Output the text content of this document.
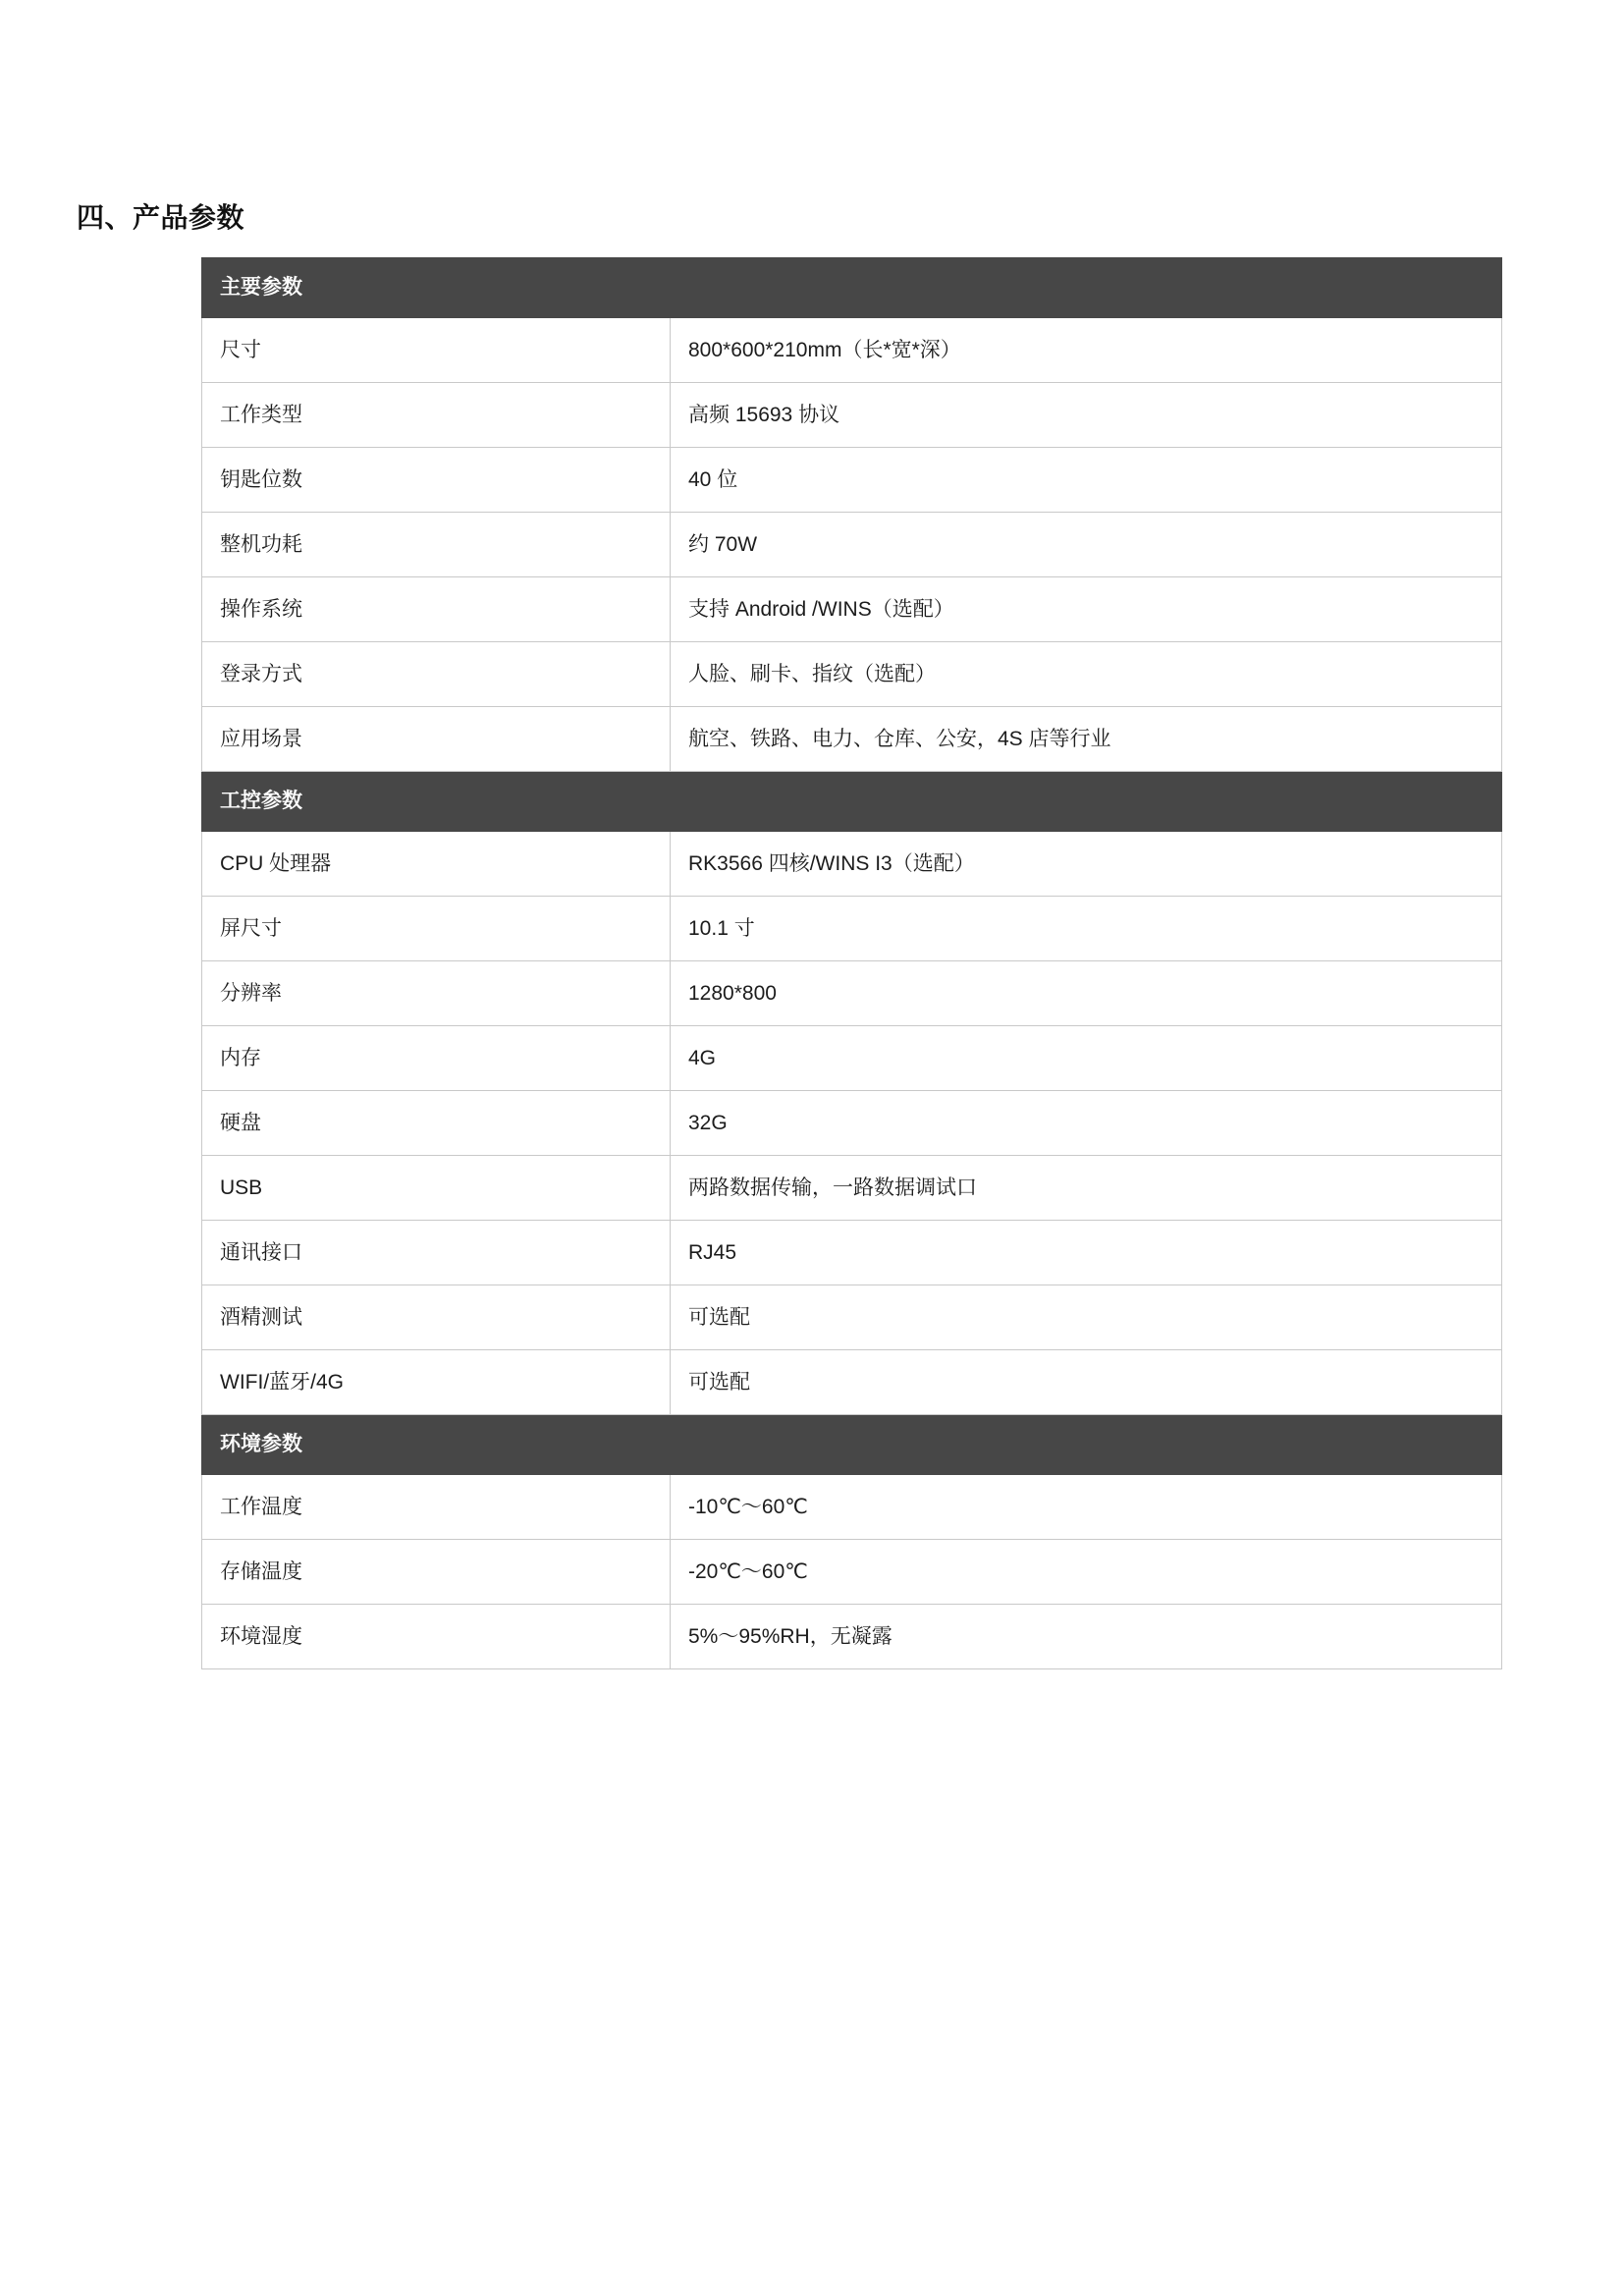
四、产品参数
主要参数	

尺寸	800*600*210mm（长*宽*深）

工作类型	高频 15693 协议

钥匙位数	40 位

整机功耗	约 70W

操作系统	支持 Android /WINS（选配）

登录方式	人脸、刷卡、指纹（选配）

应用场景	航空、铁路、电力、仓库、公安，4S 店等行业

工控参数	

CPU 处理器	RK3566 四核/WINS I3（选配）

屏尺寸	10.1 寸

分辨率	1280*800

内存	4G

硬盘	32G

USB	两路数据传输，一路数据调试口

通讯接口	RJ45

酒精测试	可选配

WIFI/蓝牙/4G	可选配

环境参数	

工作温度	-10℃～60℃

存储温度	-20℃～60℃

环境湿度	5%～95%RH，无凝露
